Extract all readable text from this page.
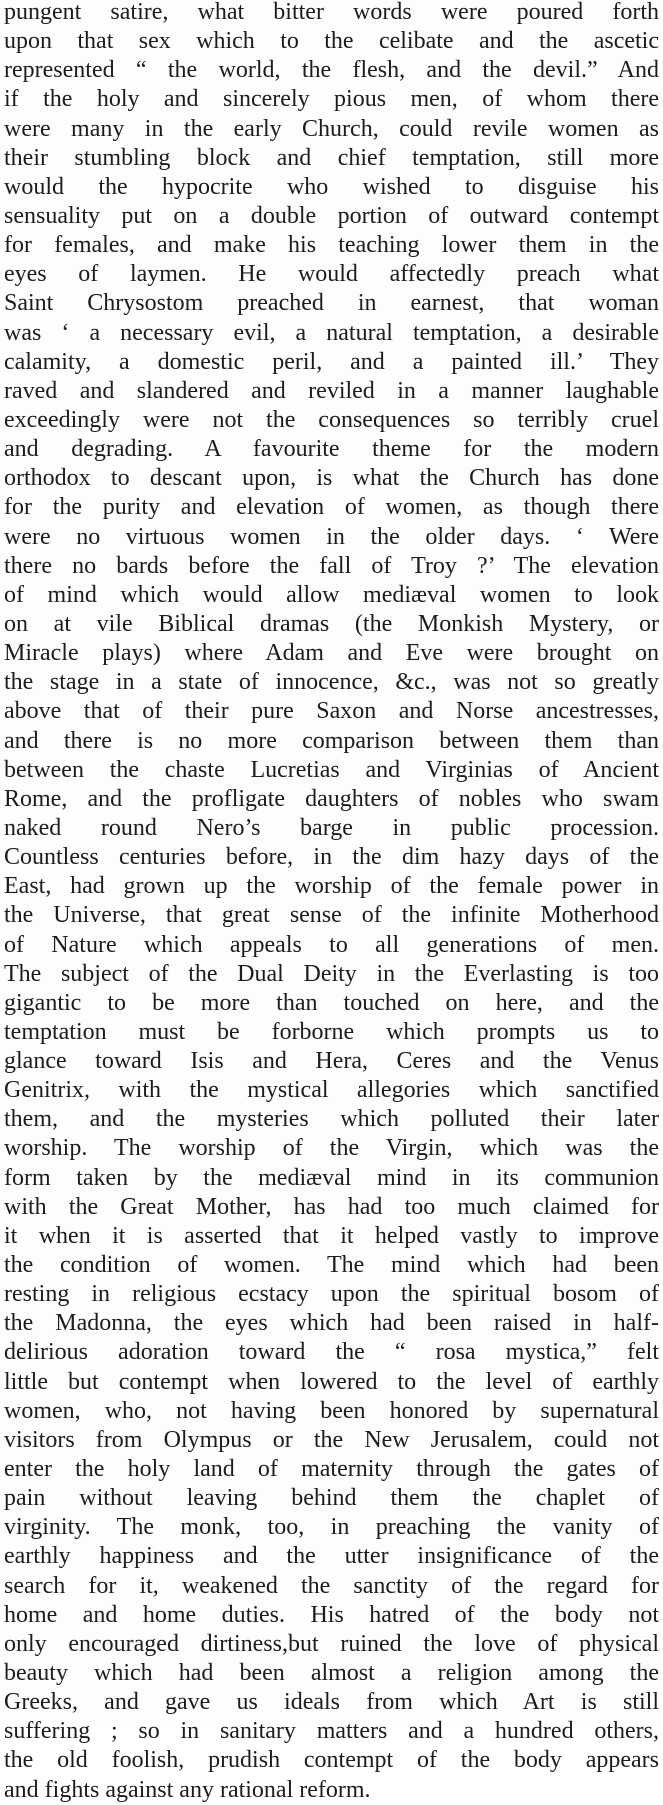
pungent satire, what bitter words were poured forth
upon that sex which to the celibate and the ascetic
represented “ the world, the flesh, and the devil.” And
if the holy and sincerely pious men, of whom there
were many in the early Church, could revile women as
their stumbling block and chief temptation, still more
would the hypocrite who wished to disguise his
sensuality put on a double portion of outward contempt
for females, and make his teaching lower them in the
eyes of laymen. He would affectedly preach what
Saint Chrysostom preached in earnest, that woman
was ‘ a necessary evil, a natural temptation, a desirable
calamity, a domestic peril, and a painted ill.’ They
raved and slandered and reviled in a manner laughable
exceedingly were not the consequences so terribly cruel
and degrading. A favourite theme for the modern
orthodox to descant upon, is what the Church has done
for the purity and elevation of women, as though there
were no virtuous women in the older days. ‘ Were
there no bards before the fall of Troy ?’ The elevation
of mind which would allow mediæval women to look
on at vile Biblical dramas (the Monkish Mystery, or
Miracle plays) where Adam and Eve were brought on
the stage in a state of innocence, &c., was not so greatly
above that of their pure Saxon and Norse ancestresses,
and there is no more comparison between them than
between the chaste Lucretias and Virginias of Ancient
Rome, and the profligate daughters of nobles who swam
naked round Nero’s barge in public procession.
Countless centuries before, in the dim hazy days of the
East, had grown up the worship of the female power in
the Universe, that great sense of the infinite Motherhood
of Nature which appeals to all generations of men.
The subject of the Dual Deity in the Everlasting is too
gigantic to be more than touched on here, and the
temptation must be forborne which prompts us to
glance toward Isis and Hera, Ceres and the Venus
Genitrix, with the mystical allegories which sanctified
them, and the mysteries which polluted their later
worship. The worship of the Virgin, which was the
form taken by the mediæval mind in its communion
with the Great Mother, has had too much claimed for
it when it is asserted that it helped vastly to improve
the condition of women. The mind which had been
resting in religious ecstacy upon the spiritual bosom of
the Madonna, the eyes which had been raised in half-
delirious adoration toward the “ rosa mystica,” felt
little but contempt when lowered to the level of earthly
women, who, not having been honored by supernatural
visitors from Olympus or the New Jerusalem, could not
enter the holy land of maternity through the gates of
pain without leaving behind them the chaplet of
virginity. The monk, too, in preaching the vanity of
earthly happiness and the utter insignificance of the
search for it, weakened the sanctity of the regard for
home and home duties. His hatred of the body not
only encouraged dirtiness,but ruined the love of physical
beauty which had been almost a religion among the
Greeks, and gave us ideals from which Art is still
suffering ; so in sanitary matters and a hundred others,
the old foolish, prudish contempt of the body appears
and fights against any rational reform.
